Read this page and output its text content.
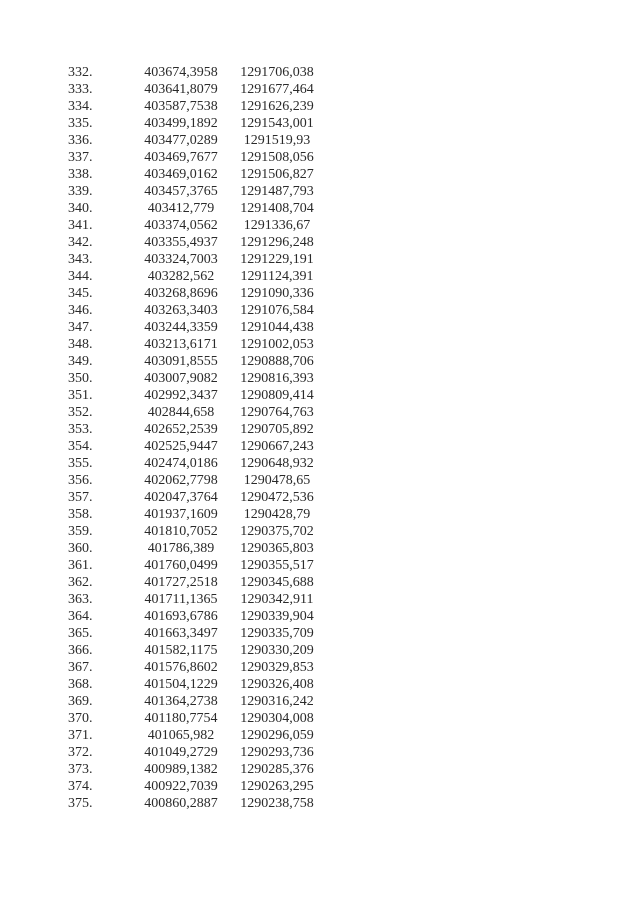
332.	403674,3958	1291706,038
333.	403641,8079	1291677,464
334.	403587,7538	1291626,239
335.	403499,1892	1291543,001
336.	403477,0289	1291519,93
337.	403469,7677	1291508,056
338.	403469,0162	1291506,827
339.	403457,3765	1291487,793
340.	403412,779	1291408,704
341.	403374,0562	1291336,67
342.	403355,4937	1291296,248
343.	403324,7003	1291229,191
344.	403282,562	1291124,391
345.	403268,8696	1291090,336
346.	403263,3403	1291076,584
347.	403244,3359	1291044,438
348.	403213,6171	1291002,053
349.	403091,8555	1290888,706
350.	403007,9082	1290816,393
351.	402992,3437	1290809,414
352.	402844,658	1290764,763
353.	402652,2539	1290705,892
354.	402525,9447	1290667,243
355.	402474,0186	1290648,932
356.	402062,7798	1290478,65
357.	402047,3764	1290472,536
358.	401937,1609	1290428,79
359.	401810,7052	1290375,702
360.	401786,389	1290365,803
361.	401760,0499	1290355,517
362.	401727,2518	1290345,688
363.	401711,1365	1290342,911
364.	401693,6786	1290339,904
365.	401663,3497	1290335,709
366.	401582,1175	1290330,209
367.	401576,8602	1290329,853
368.	401504,1229	1290326,408
369.	401364,2738	1290316,242
370.	401180,7754	1290304,008
371.	401065,982	1290296,059
372.	401049,2729	1290293,736
373.	400989,1382	1290285,376
374.	400922,7039	1290263,295
375.	400860,2887	1290238,758
